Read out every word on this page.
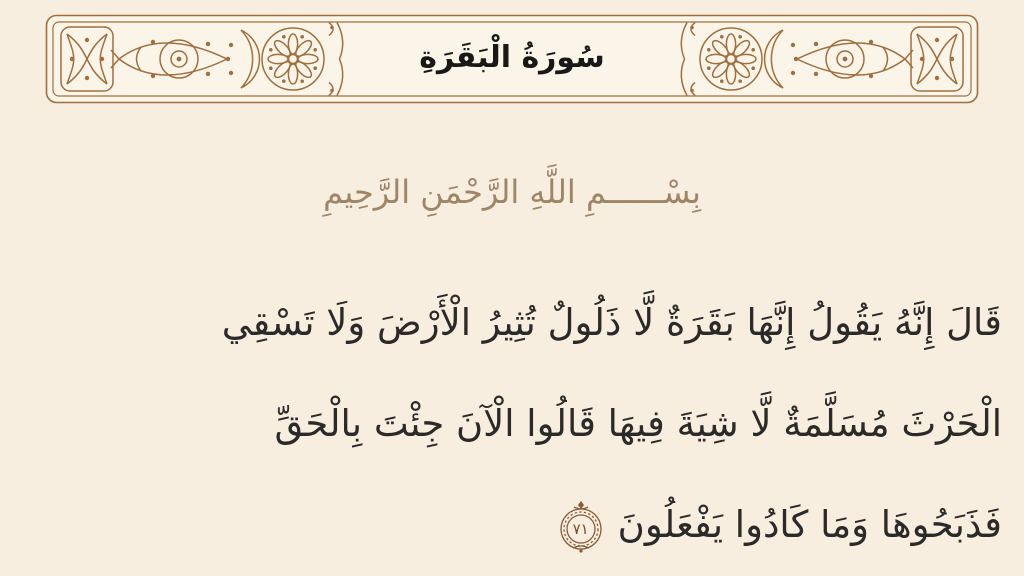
سُورَةُ الْبَقَرَةِ
بِسْــــــمِ اللَّهِ الرَّحْمَنِ الرَّحِيمِ
قَالَ إِنَّهُ يَقُولُ إِنَّهَا بَقَرَةٌ لَّا ذَلُولٌ تُثِيرُ الْأَرْضَ وَلَا تَسْقِي
الْحَرْثَ مُسَلَّمَةٌ لَّا شِيَةَ فِيهَا قَالُوا الْآنَ جِئْتَ بِالْحَقِّ
فَذَبَحُوهَا وَمَا كَادُوا يَفْعَلُونَ
٧١
